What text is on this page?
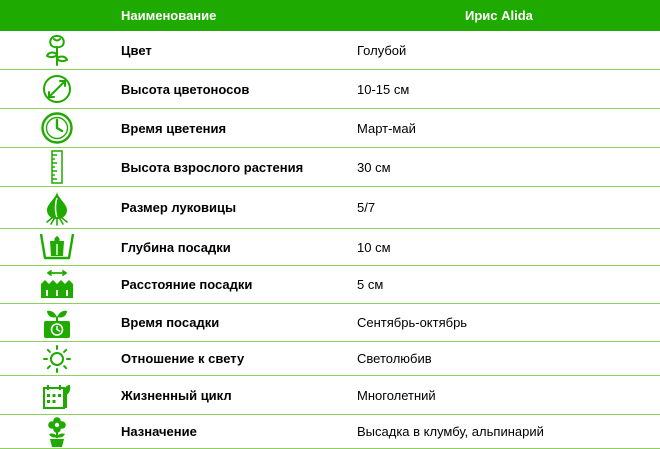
Наименование	Ирис Alida
Цвет	Голубой
Высота цветоносов	10-15 см
Время цветения	Март-май
Высота взрослого растения	30 см
Размер луковицы	5/7
Глубина посадки	10 см
Расстояние посадки	5 см
Время посадки	Сентябрь-октябрь
Отношение к свету	Светолюбив
Жизненный цикл	Многолетний
Назначение	Высадка в клумбу, альпинарий
